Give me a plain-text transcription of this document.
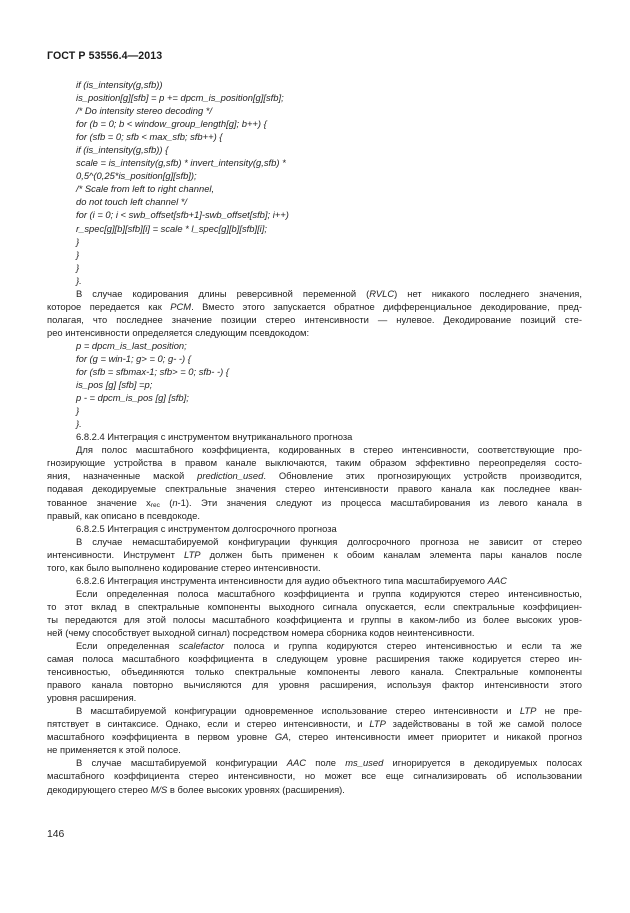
ГОСТ Р 53556.4—2013
if (is_intensity(g,sfb))
is_position[g][sfb] = p += dpcm_is_position[g][sfb];
/* Do intensity stereo decoding */
for (b = 0; b < window_group_length[g]; b++) {
for (sfb = 0; sfb < max_sfb; sfb++) {
if (is_intensity(g,sfb)) {
scale = is_intensity(g,sfb) * invert_intensity(g,sfb) *
0,5^(0,25*is_position[g][sfb]);
/* Scale from left to right channel,
do not touch left channel */
for (i = 0; i < swb_offset[sfb+1]-swb_offset[sfb]; i++)
r_spec[g][b][sfb][i] = scale * l_spec[g][b][sfb][i];
}
}
}
}.
В случае кодирования длины реверсивной переменной (RVLC) нет никакого последнего значения,
которое передается как PCM. Вместо этого запускается обратное дифференциальное декодирование, пред-
полагая, что последнее значение позиции стерео интенсивности — нулевое. Декодирование позиций сте-
рео интенсивности определяется следующим псевдокодом:
p = dpcm_is_last_position;
for (g = win-1; g> = 0; g- -) {
for (sfb = sfbmax-1; sfb> = 0; sfb- -) {
is_pos [g] [sfb] =p;
p - = dpcm_is_pos [g] [sfb];
}
}.
6.8.2.4 Интеграция с инструментом внутриканального прогноза
Для полос масштабного коэффициента, кодированных в стерео интенсивности, соответствующие про-
гнозирующие устройства в правом канале выключаются, таким образом эффективно переопределяя состо-
яния, назначенные маской prediction_used. Обновление этих прогнозирующих устройств производится,
подавая декодируемые спектральные значения стерео интенсивности правого канала как последнее кван-
тованное значение $x_{rec}$ (n-1). Эти значения следуют из процесса масштабирования из левого канала в
правый, как описано в псевдокоде.
6.8.2.5 Интеграция с инструментом долгосрочного прогноза
В случае немасштабируемой конфигурации функция долгосрочного прогноза не зависит от стерео
интенсивности. Инструмент LTP должен быть применен к обоим каналам элемента пары каналов после
того, как было выполнено кодирование стерео интенсивности.
6.8.2.6 Интеграция инструмента интенсивности для аудио объектного типа масштабируемого AAC
Если определенная полоса масштабного коэффициента и группа кодируются стерео интенсивностью,
то этот вклад в спектральные компоненты выходного сигнала опускается, если спектральные коэффициен-
ты передаются для этой полосы масштабного коэффициента и группы в каком-либо из более высоких уров-
ней (чему способствует выходной сигнал) посредством номера сборника кодов неинтенсивности.
Если определенная scalefactor полоса и группа кодируются стерео интенсивностью и если та же
самая полоса масштабного коэффициента в следующем уровне расширения также кодируется стерео ин-
тенсивностью, объединяются только спектральные компоненты левого канала. Спектральные компоненты
правого канала повторно вычисляются для уровня расширения, используя фактор интенсивности этого
уровня расширения.
В масштабируемой конфигурации одновременное использование стерео интенсивности и LTP не пре-
пятствует в синтаксисе. Однако, если и стерео интенсивности, и LTP задействованы в той же самой полосе
масштабного коэффициента в первом уровне GA, стерео интенсивности имеет приоритет и никакой прогноз
не применяется к этой полосе.
В случае масштабируемой конфигурации AAC поле ms_used игнорируется в декодируемых полосах
масштабного коэффициента стерео интенсивности, но может все еще сигнализировать об использовании
декодирующего стерео M/S в более высоких уровнях (расширения).
146
